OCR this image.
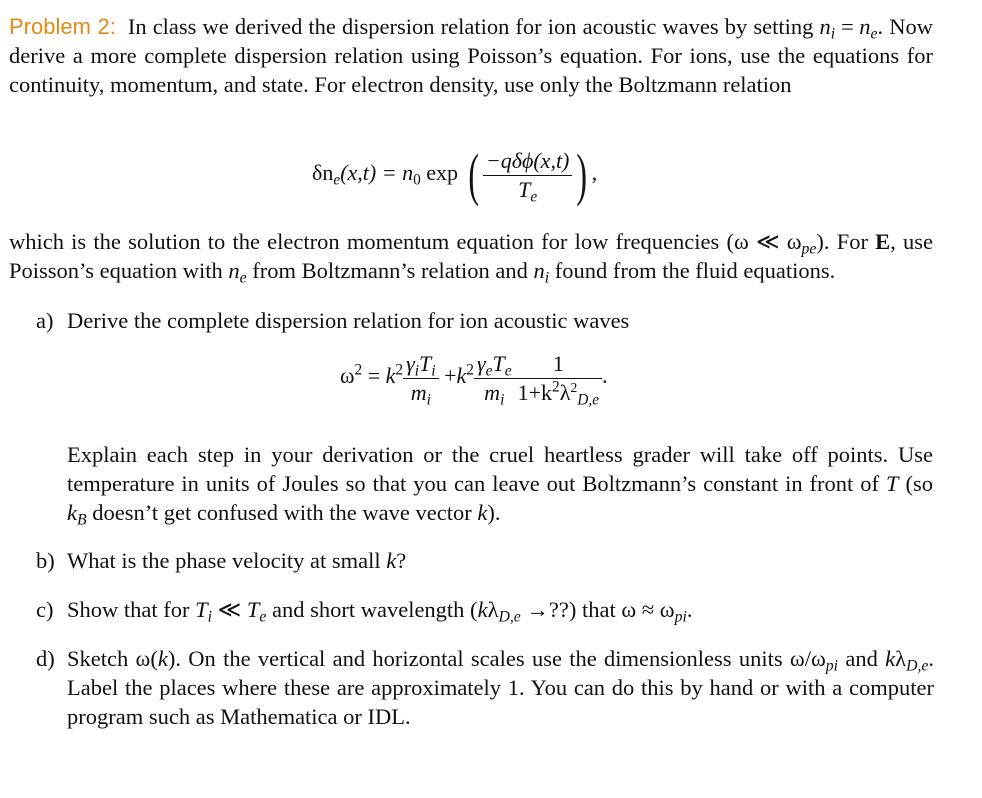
Problem 2: In class we derived the dispersion relation for ion acoustic waves by setting $n_i = n_e$. Now derive a more complete dispersion relation using Poisson’s equation. For ions, use the equations for continuity, momentum, and state. For electron density, use only the Boltzmann relation
$\delta n_e(x,t) = n_0$ exp ( $\frac{\text{−qδϕ(x,t)}}{T_e}$ ) ,
which is the solution to the electron momentum equation for low frequencies (ω ≪ $\omega_{pe}$). For E, use Poisson’s equation with $n_e$ from Boltzmann’s relation and $n_i$ found from the fluid equations.
a) Derive the complete dispersion relation for ion acoustic waves
$\omega^2 = k^2 \frac{\gamma_iT_i}{m_i} +k^2 \frac{\gamma_eT_e}{m_i} \frac{1}{1+k^2\lambda^2_{D,e}}$ .
Explain each step in your derivation or the cruel heartless grader will take off points. Use temperature in units of Joules so that you can leave out Boltzmann’s constant in front of T (so $k_B$ doesn’t get confused with the wave vector k).
b) What is the phase velocity at small k?
c) Show that for $T_i$ ≪ $T_e$ and short wavelength ($k\lambda_{D,e}$ →??) that $\omega \approx \omega_{pi}$.
d) Sketch ω(k). On the vertical and horizontal scales use the dimensionless units $\omega/\omega_{pi}$ and $k\lambda_{D,e}$. Label the places where these are approximately 1. You can do this by hand or with a computer program such as Mathematica or IDL.
